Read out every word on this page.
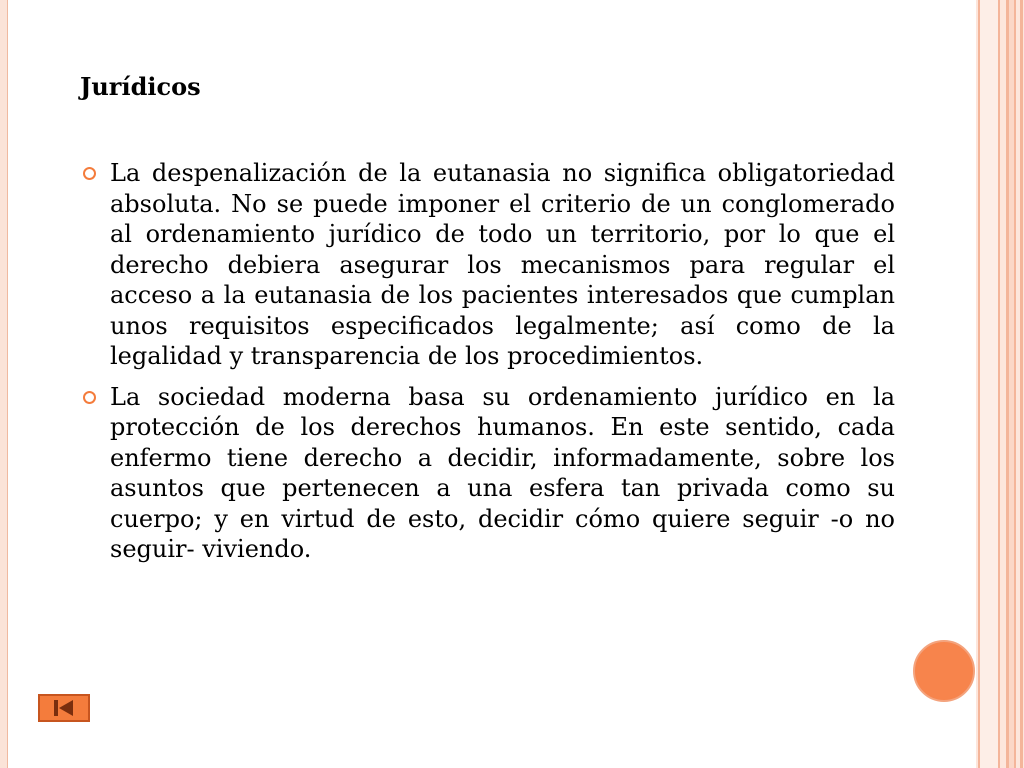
Jurídicos
La despenalización de la eutanasia no significa obligatoriedad absoluta. No se puede imponer el criterio de un conglomerado al ordenamiento jurídico de todo un territorio, por lo que el derecho debiera asegurar los mecanismos para regular el acceso a la eutanasia de los pacientes interesados que cumplan unos requisitos especificados legalmente; así como de la legalidad y transparencia de los procedimientos.
La sociedad moderna basa su ordenamiento jurídico en la protección de los derechos humanos. En este sentido, cada enfermo tiene derecho a decidir, informadamente, sobre los asuntos que pertenecen a una esfera tan privada como su cuerpo; y en virtud de esto, decidir cómo quiere seguir -o no seguir- viviendo.
